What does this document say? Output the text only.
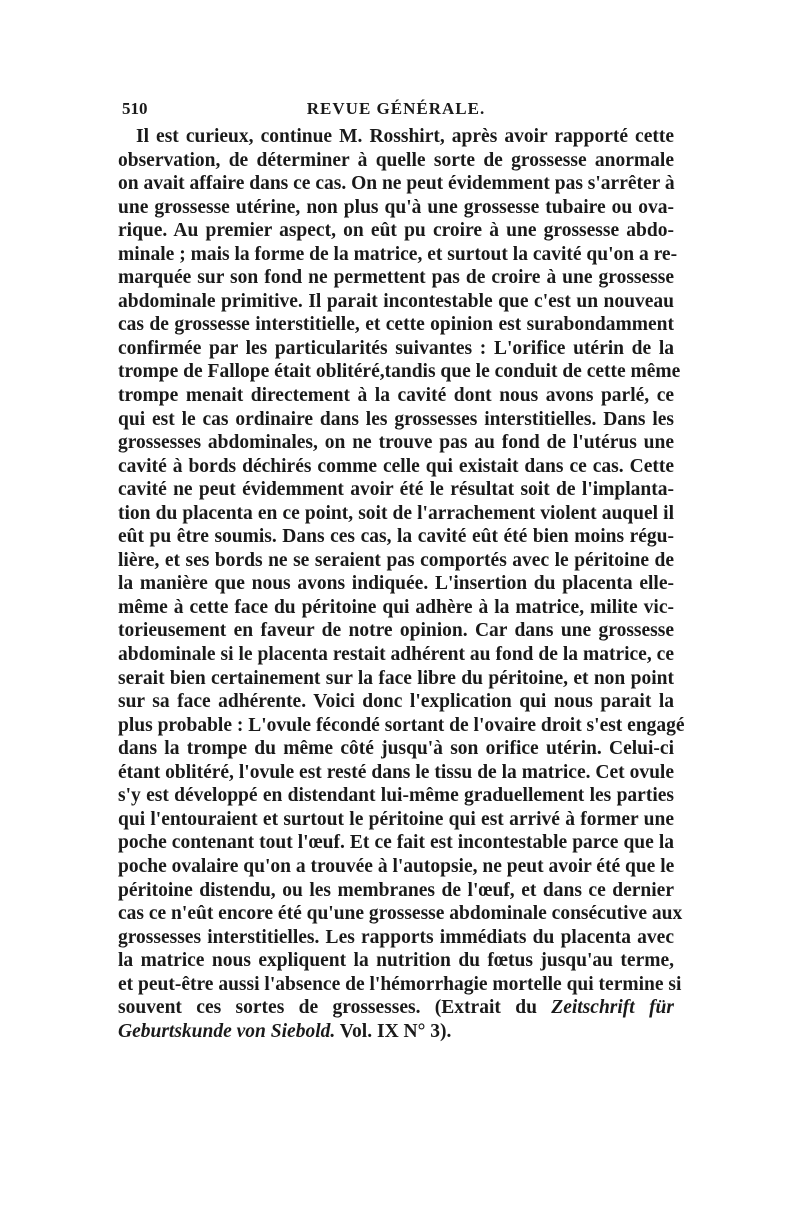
510	REVUE GÉNÉRALE.
Il est curieux, continue M. Rosshirt, après avoir rapporté cette
observation, de déterminer à quelle sorte de grossesse anormale
on avait affaire dans ce cas. On ne peut évidemment pas s'arrêter à
une grossesse utérine, non plus qu'à une grossesse tubaire ou ova-
rique. Au premier aspect, on eût pu croire à une grossesse abdo-
minale ; mais la forme de la matrice, et surtout la cavité qu'on a re-
marquée sur son fond ne permettent pas de croire à une grossesse
abdominale primitive. Il parait incontestable que c'est un nouveau
cas de grossesse interstitielle, et cette opinion est surabondamment
confirmée par les particularités suivantes : L'orifice utérin de la
trompe de Fallope était oblitéré,tandis que le conduit de cette même
trompe menait directement à la cavité dont nous avons parlé, ce
qui est le cas ordinaire dans les grossesses interstitielles. Dans les
grossesses abdominales, on ne trouve pas au fond de l'utérus une
cavité à bords déchirés comme celle qui existait dans ce cas. Cette
cavité ne peut évidemment avoir été le résultat soit de l'implanta-
tion du placenta en ce point, soit de l'arrachement violent auquel il
eût pu être soumis. Dans ces cas, la cavité eût été bien moins régu-
lière, et ses bords ne se seraient pas comportés avec le péritoine de
la manière que nous avons indiquée. L'insertion du placenta elle-
même à cette face du péritoine qui adhère à la matrice, milite vic-
torieusement en faveur de notre opinion. Car dans une grossesse
abdominale si le placenta restait adhérent au fond de la matrice, ce
serait bien certainement sur la face libre du péritoine, et non point
sur sa face adhérente. Voici donc l'explication qui nous parait la
plus probable : L'ovule fécondé sortant de l'ovaire droit s'est engagé
dans la trompe du même côté jusqu'à son orifice utérin. Celui-ci
étant oblitéré, l'ovule est resté dans le tissu de la matrice. Cet ovule
s'y est développé en distendant lui-même graduellement les parties
qui l'entouraient et surtout le péritoine qui est arrivé à former une
poche contenant tout l'œuf. Et ce fait est incontestable parce que la
poche ovalaire qu'on a trouvée à l'autopsie, ne peut avoir été que le
péritoine distendu, ou les membranes de l'œuf, et dans ce dernier
cas ce n'eût encore été qu'une grossesse abdominale consécutive aux
grossesses interstitielles. Les rapports immédiats du placenta avec
la matrice nous expliquent la nutrition du fœtus jusqu'au terme,
et peut-être aussi l'absence de l'hémorrhagie mortelle qui termine si
souvent ces sortes de grossesses. (Extrait du Zeitschrift für
Geburtskunde von Siebold. Vol. IX N° 3).
